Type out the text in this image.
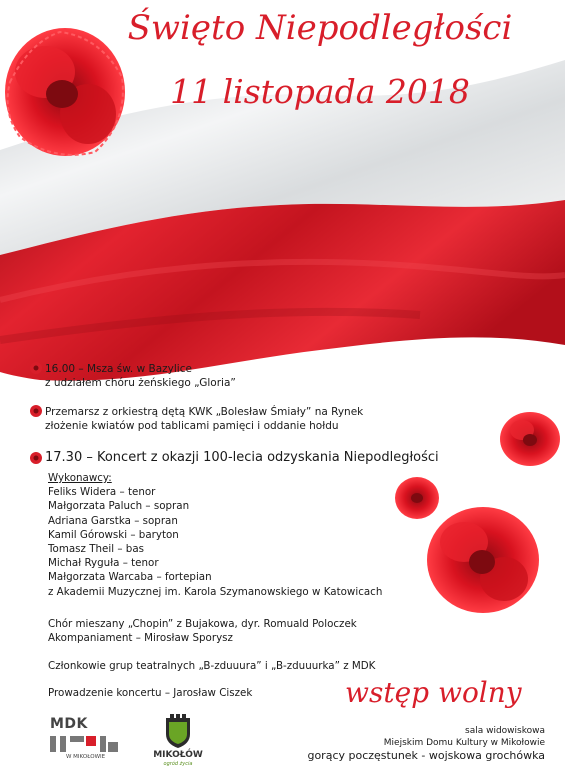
Święto Niepodległości
11 listopada 2018
16.00 – Msza św. w Bazylice
z udziałem chóru żeńskiego „Gloria”
Przemarsz z orkiestrą dętą KWK „Bolesław Śmiały” na Rynek
złożenie kwiatów pod tablicami pamięci i oddanie hołdu
17.30 – Koncert z okazji 100-lecia odzyskania Niepodległości
Wykonawcy:
Feliks Widera – tenor
Małgorzata Paluch – sopran
Adriana Garstka – sopran
Kamil Górowski – baryton
Tomasz Theil – bas
Michał Ryguła – tenor
Małgorzata Warcaba – fortepian
z Akademii Muzycznej im. Karola Szymanowskiego w Katowicach
Chór mieszany „Chopin” z Bujakowa, dyr. Romuald Poloczek
Akompaniament – Mirosław Sporysz
Członkowie grup teatralnych „B-zduuura” i „B-zduuurka” z MDK
Prowadzenie koncertu – Jarosław Ciszek	wstęp wolny
sala widowiskowa
Miejskim Domu Kultury w Mikołowie
gorący poczęstunek - wojskowa grochówka
MDK
W MIKOŁOWIE	MIKOŁÓW
ogród życia
